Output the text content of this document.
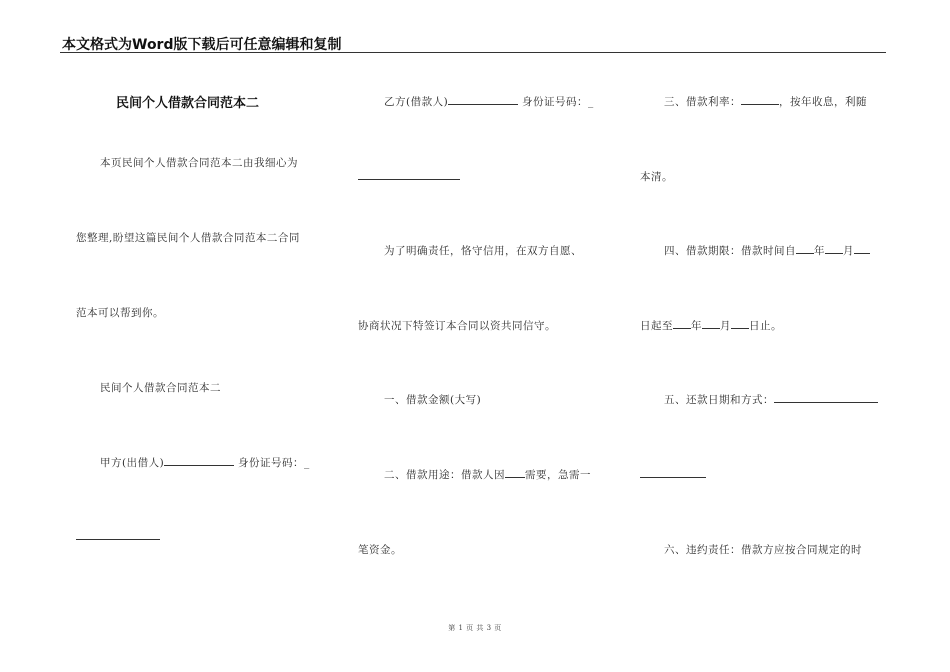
本文格式为Word版下载后可任意编辑和复制
民间个人借款合同范本二
本页民间个人借款合同范本二由我细心为
您整理,盼望这篇民间个人借款合同范本二合同
范本可以帮到你。
民间个人借款合同范本二
甲方(出借人)	身份证号码：_
乙方(借款人)	身份证号码：_
为了明确责任，恪守信用，在双方自愿、
协商状况下特签订本合同以资共同信守。
一、借款金额(大写)
二、借款用途：借款人因 需要，急需一
笔资金。
三、借款利率：	，按年收息，利随
本清。
四、借款期限：借款时间自 年 月
日起至 年 月 日止。
五、还款日期和方式：
六、违约责任：借款方应按合同规定的时
第 1 页 共 3 页
